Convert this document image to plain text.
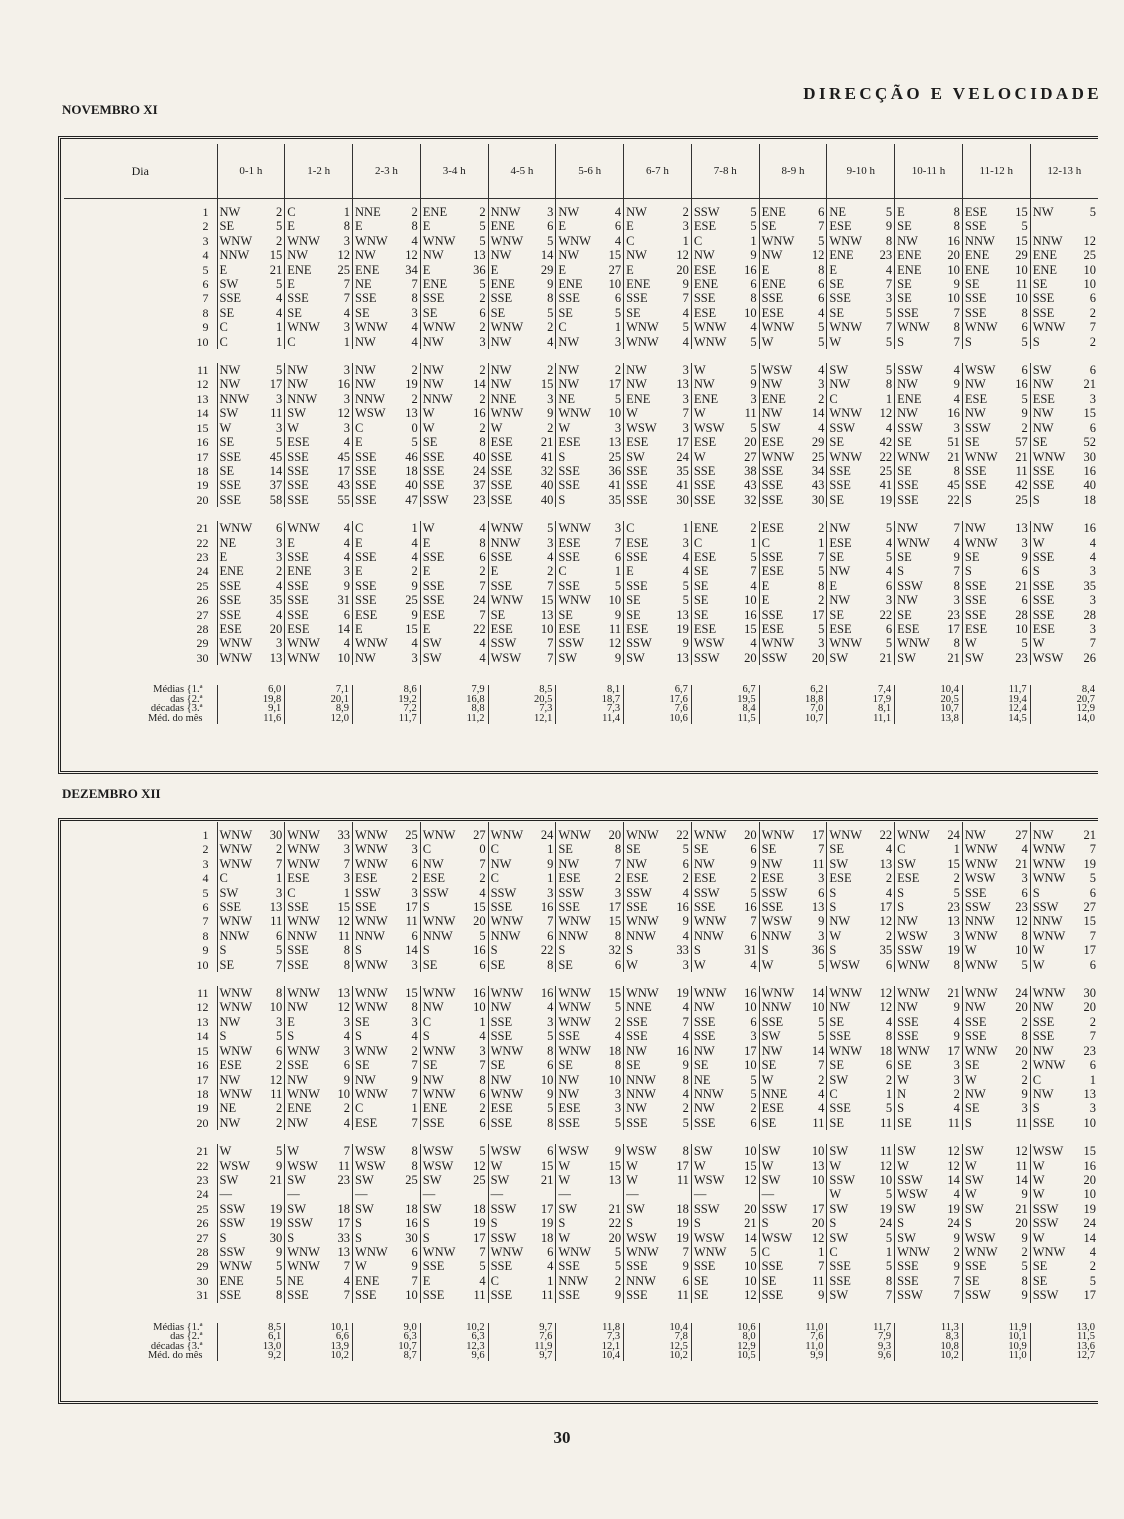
DIRECÇÃO E VELOCIDADE
NOVEMBRO XI
DEZEMBRO XII
Dia	0-1 h	1-2 h	2-3 h	3-4 h	4-5 h	5-6 h	6-7 h	7-8 h	8-9 h	9-10 h	10-11 h	11-12 h	12-13 h
1	NW 2	C 1	NNE 2	ENE 2	NNW 3	NW 4	NW 2	SSW 5	ENE 6	NE 5	E 8	ESE 15	NW 5

2	SE 5	E 8	E 8	E 5	ENE 6	E 6	E 3	ESE 5	SE 7	ESE 9	SE 8	SSE 5	

3	WNW 2	WNW 3	WNW 4	WNW 5	WNW 5	WNW 4	C 1	C 1	WNW 5	WNW 8	NW 16	NNW 15	NNW 12

4	NNW 15	NW 12	NW 12	NW 13	NW 14	NW 15	NW 12	NW 9	NW 12	ENE 23	ENE 20	ENE 29	ENE 25

5	E 21	ENE 25	ENE 34	E 36	E 29	E 27	E 20	ESE 16	E 8	E 4	ENE 10	ENE 10	ENE 10

6	SW 5	E 7	NE 7	ENE 5	ENE 9	ENE 10	ENE 9	ENE 6	ENE 6	SE 7	SE 9	SE 11	SE 10

7	SSE 4	SSE 7	SSE 8	SSE 2	SSE 8	SSE 6	SSE 7	SSE 8	SSE 6	SSE 3	SE 10	SSE 10	SSE 6

8	SE 4	SE 4	SE 3	SE 6	SE 5	SE 5	SE 4	ESE 10	ESE 4	SE 5	SSE 7	SSE 8	SSE 2

9	C 1	WNW 3	WNW 4	WNW 2	WNW 2	C 1	WNW 5	WNW 4	WNW 5	WNW 7	WNW 8	WNW 6	WNW 7

10	C 1	C 1	NW 4	NW 3	NW 4	NW 3	WNW 4	WNW 5	W 5	W 5	S 7	S 5	S 2

11	NW 5	NW 3	NW 2	NW 2	NW 2	NW 2	NW 3	W 5	WSW 4	SW 5	SSW 4	WSW 6	SW 6

12	NW 17	NW 16	NW 19	NW 14	NW 15	NW 17	NW 13	NW 9	NW 3	NW 8	NW 9	NW 16	NW 21

13	NNW 3	NNW 3	NNW 2	NNW 2	NNE 3	NE 5	ENE 3	ENE 3	ENE 2	C 1	ENE 4	ESE 5	ESE 3

14	SW 11	SW 12	WSW 13	W 16	WNW 9	WNW 10	W 7	W 11	NW 14	WNW 12	NW 16	NW 9	NW 15

15	W 3	W 3	C 0	W 2	W 2	W 3	WSW 3	WSW 5	SW 4	SSW 4	SSW 3	SSW 2	NW 6

16	SE 5	ESE 4	E 5	SE 8	ESE 21	ESE 13	ESE 17	ESE 20	ESE 29	SE 42	SE 51	SE 57	SE 52

17	SSE 45	SSE 45	SSE 46	SSE 40	SSE 41	S 25	SW 24	W 27	WNW 25	WNW 22	WNW 21	WNW 21	WNW 30

18	SE 14	SSE 17	SSE 18	SSE 24	SSE 32	SSE 36	SSE 35	SSE 38	SSE 34	SSE 25	SE 8	SSE 11	SSE 16

19	SSE 37	SSE 43	SSE 40	SSE 37	SSE 40	SSE 41	SSE 41	SSE 43	SSE 43	SSE 41	SSE 45	SSE 42	SSE 40

20	SSE 58	SSE 55	SSE 47	SSW 23	SSE 40	S 35	SSE 30	SSE 32	SSE 30	SE 19	SSE 22	S 25	S 18

21	WNW 6	WNW 4	C 1	W 4	WNW 5	WNW 3	C 1	ENE 2	ESE 2	NW 5	NW 7	NW 13	NW 16

22	NE 3	E 4	E 4	E 8	NNW 3	ESE 7	ESE 3	C 1	C 1	ESE 4	WNW 4	WNW 3	W 4

23	E 3	SSE 4	SSE 4	SSE 6	SSE 4	SSE 6	SSE 4	ESE 5	SSE 7	SE 5	SE 9	SE 9	SSE 4

24	ENE 2	ENE 3	E 2	E 2	E 2	C 1	E 4	SE 7	ESE 5	NW 4	S 7	S 6	S 3

25	SSE 4	SSE 9	SSE 9	SSE 7	SSE 7	SSE 5	SSE 5	SE 4	E 8	E 6	SSW 8	SSE 21	SSE 35

26	SSE 35	SSE 31	SSE 25	SSE 24	WNW 15	WNW 10	SE 5	SE 10	E 2	NW 3	NW 3	SSE 6	SSE 3

27	SSE 4	SSE 6	ESE 9	ESE 7	SE 13	SE 9	SE 13	SE 16	SSE 17	SE 22	SE 23	SSE 28	SSE 28

28	ESE 20	ESE 14	E 15	E 22	ESE 10	ESE 11	ESE 19	ESE 15	ESE 5	ESE 6	ESE 17	ESE 10	ESE 3

29	WNW 3	WNW 4	WNW 4	SW 4	SSW 7	SSW 12	SSW 9	WSW 4	WNW 3	WNW 5	WNW 8	W 5	W 7

30	WNW 13	WNW 10	NW 3	SW 4	WSW 7	SW 9	SW 13	SSW 20	SSW 20	SW 21	SW 21	SW 23	WSW 26

Médias {1.ª	6,0	7,1	8,6	7,9	8,5	8,1	6,7	6,7	6,2	7,4	10,4	11,7	8,4
das {2.ª	19,8	20,1	19,2	16,8	20,5	18,7	17,6	19,5	18,8	17,9	20,5	19,4	20,7
décadas {3.ª	9,1	8,9	7,2	8,8	7,3	7,3	7,6	8,4	7,0	8,1	10,7	12,4	12,9
Méd. do mês	11,6	12,0	11,7	11,2	12,1	11,4	10,6	11,5	10,7	11,1	13,8	14,5	14,0
1	WNW 30	WNW 33	WNW 25	WNW 27	WNW 24	WNW 20	WNW 22	WNW 20	WNW 17	WNW 22	WNW 24	NW 27	NW 21

2	WNW 2	WNW 3	WNW 3	C 0	C 1	SE 8	SE 5	SE 6	SE 7	SE 4	C 1	WNW 4	WNW 7

3	WNW 7	WNW 7	WNW 6	NW 7	NW 9	NW 7	NW 6	NW 9	NW 11	SW 13	SW 15	WNW 21	WNW 19

4	C 1	ESE 3	ESE 2	ESE 2	C 1	ESE 2	ESE 2	ESE 2	ESE 3	ESE 2	ESE 2	WSW 3	WNW 5

5	SW 3	C 1	SSW 3	SSW 4	SSW 3	SSW 3	SSW 4	SSW 5	SSW 6	S 4	S 5	SSE 6	S 6

6	SSE 13	SSE 15	SSE 17	S 15	SSE 16	SSE 17	SSE 16	SSE 16	SSE 13	S 17	S 23	SSW 23	SSW 27

7	WNW 11	WNW 12	WNW 11	WNW 20	WNW 7	WNW 15	WNW 9	WNW 7	WSW 9	NW 12	NW 13	NNW 12	NNW 15

8	NNW 6	NNW 11	NNW 6	NNW 5	NNW 6	NNW 8	NNW 4	NNW 6	NNW 3	W 2	WSW 3	WNW 8	WNW 7

9	S 5	SSE 8	S 14	S 16	S 22	S 32	S 33	S 31	S 36	S 35	SSW 19	W 10	W 17

10	SE 7	SSE 8	WNW 3	SE 6	SE 8	SE 6	W 3	W 4	W 5	WSW 6	WNW 8	WNW 5	W 6

11	WNW 8	WNW 13	WNW 15	WNW 16	WNW 16	WNW 15	WNW 19	WNW 16	WNW 14	WNW 12	WNW 21	WNW 24	WNW 30

12	WNW 10	NW 12	WNW 8	NW 10	NW 4	WNW 5	NNE 4	NW 10	NNW 10	NW 12	NW 9	NW 20	NW 20

13	NW 3	E 3	SE 3	C 1	SSE 3	WNW 2	SSE 7	SSE 6	SSE 5	SE 4	SSE 4	SSE 2	SSE 2

14	S 5	S 4	S 4	S 4	SSE 5	SSE 4	SSE 4	SSE 3	SW 5	SSE 8	SSE 9	SSE 8	SSE 7

15	WNW 6	WNW 3	WNW 2	WNW 3	WNW 8	WNW 18	NW 16	NW 17	NW 14	WNW 18	WNW 17	WNW 20	NW 23

16	ESE 2	SSE 6	SE 7	SE 7	SE 6	SE 8	SE 9	SE 10	SE 7	SE 6	SE 3	SE 2	WNW 6

17	NW 12	NW 9	NW 9	NW 8	NW 10	NW 10	NNW 8	NE 5	W 2	SW 2	W 3	W 2	C 1

18	WNW 11	WNW 10	WNW 7	WNW 6	WNW 9	NW 3	NNW 4	NNW 5	NNE 4	C 1	N 2	NW 9	NW 13

19	NE 2	ENE 2	C 1	ENE 2	ESE 5	ESE 3	NW 2	NW 2	ESE 4	SSE 5	S 4	SE 3	S 3

20	NW 2	NW 4	ESE 7	SSE 6	SSE 8	SSE 5	SSE 5	SSE 6	SE 11	SE 11	SE 11	S 11	SSE 10

21	W 5	W 7	WSW 8	WSW 5	WSW 6	WSW 9	WSW 8	SW 10	SW 10	SW 11	SW 12	SW 12	WSW 15

22	WSW 9	WSW 11	WSW 8	WSW 12	W 15	W 15	W 17	W 15	W 13	W 12	W 12	W 11	W 16

23	SW 21	SW 23	SW 25	SW 25	SW 21	W 13	W 11	WSW 12	SW 10	SSW 10	SSW 14	SW 14	W 20

24	—	—	—	—	—	—	—	—	—	W 5	WSW 4	W 9	W 10

25	SSW 19	SW 18	SW 18	SW 18	SSW 17	SW 21	SW 18	SSW 20	SSW 17	SW 19	SW 19	SW 21	SSW 19

26	SSW 19	SSW 17	S 16	S 19	S 19	S 22	S 19	S 21	S 20	S 24	S 24	S 20	SSW 24

27	S 30	S 33	S 30	S 17	SSW 18	W 20	WSW 19	WSW 14	WSW 12	SW 5	SW 9	WSW 9	W 14

28	SSW 9	WNW 13	WNW 6	WNW 7	WNW 6	WNW 5	WNW 7	WNW 5	C 1	C 1	WNW 2	WNW 2	WNW 4

29	WNW 5	WNW 7	W 9	SSE 5	SSE 4	SSE 5	SSE 9	SSE 10	SSE 7	SSE 5	SSE 9	SSE 5	SE 2

30	ENE 5	NE 4	ENE 7	E 4	C 1	NNW 2	NNW 6	SE 10	SE 11	SSE 8	SSE 7	SE 8	SE 5

31	SSE 8	SSE 7	SSE 10	SSE 11	SSE 11	SSE 9	SSE 11	SE 12	SSE 9	SW 7	SSW 7	SSW 9	SSW 17

Médias {1.ª	8,5	10,1	9,0	10,2	9,7	11,8	10,4	10,6	11,0	11,7	11,3	11,9	13,0
das {2.ª	6,1	6,6	6,3	6,3	7,6	7,3	7,8	8,0	7,6	7,9	8,3	10,1	11,5
décadas {3.ª	13,0	13,9	10,7	12,3	11,9	12,1	12,5	12,9	11,0	9,3	10,8	10,9	13,6
Méd. do mês	9,2	10,2	8,7	9,6	9,7	10,4	10,2	10,5	9,9	9,6	10,2	11,0	12,7
30
